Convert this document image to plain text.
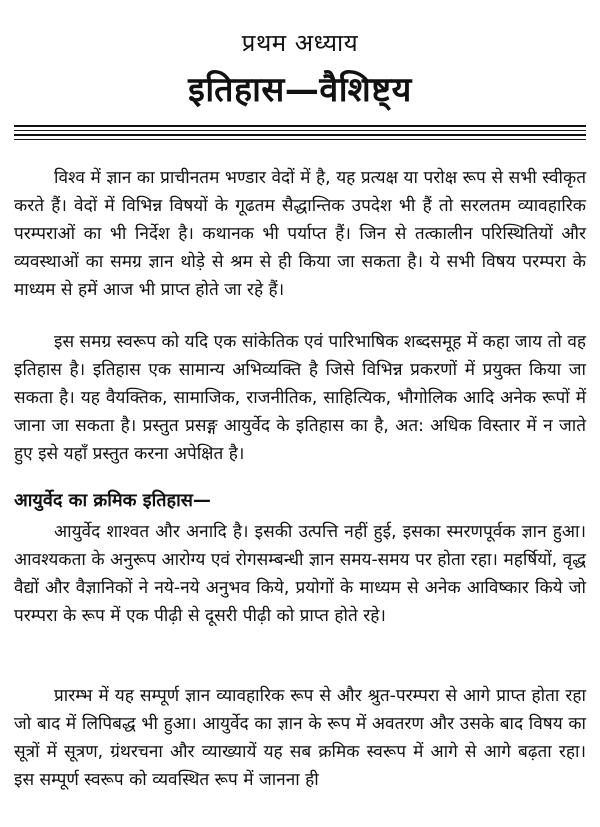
प्रथम अध्याय
इतिहास—वैशिष्ट्य

विश्व में ज्ञान का प्राचीनतम भण्डार वेदों में है, यह प्रत्यक्ष या परोक्ष रूप से सभी स्वीकृत करते हैं। वेदों में विभिन्न विषयों के गूढतम सैद्धान्तिक उपदेश भी हैं तो सरलतम व्यावहारिक परम्पराओं का भी निर्देश है। कथानक भी पर्याप्त हैं। जिन से तत्कालीन परिस्थितियों और व्यवस्थाओं का समग्र ज्ञान थोड़े से श्रम से ही किया जा सकता है। ये सभी विषय परम्परा के माध्यम से हमें आज भी प्राप्त होते जा रहे हैं।

इस समग्र स्वरूप को यदि एक सांकेतिक एवं पारिभाषिक शब्दसमूह में कहा जाय तो वह इतिहास है। इतिहास एक सामान्य अभिव्यक्ति है जिसे विभिन्न प्रकरणों में प्रयुक्त किया जा सकता है। यह वैयक्तिक, सामाजिक, राजनीतिक, साहित्यिक, भौगोलिक आदि अनेक रूपों में जाना जा सकता है। प्रस्तुत प्रसङ्ग आयुर्वेद के इतिहास का है, अत: अधिक विस्तार में न जाते हुए इसे यहाँ प्रस्तुत करना अपेक्षित है।

आयुर्वेद का क्रमिक इतिहास—

आयुर्वेद शाश्वत और अनादि है। इसकी उत्पत्ति नहीं हुई, इसका स्मरणपूर्वक ज्ञान हुआ। आवश्यकता के अनुरूप आरोग्य एवं रोगसम्बन्धी ज्ञान समय-समय पर होता रहा। महर्षियों, वृद्ध वैद्यों और वैज्ञानिकों ने नये-नये अनुभव किये, प्रयोगों के माध्यम से अनेक आविष्कार किये जो परम्परा के रूप में एक पीढ़ी से दूसरी पीढ़ी को प्राप्त होते रहे।

प्रारम्भ में यह सम्पूर्ण ज्ञान व्यावहारिक रूप से और श्रुत-परम्परा से आगे प्राप्त होता रहा जो बाद में लिपिबद्ध भी हुआ। आयुर्वेद का ज्ञान के रूप में अवतरण और उसके बाद विषय का सूत्रों में सूत्रण, ग्रंथरचना और व्याख्यायें यह सब क्रमिक स्वरूप में आगे से आगे बढ़ता रहा। इस सम्पूर्ण स्वरूप को व्यवस्थित रूप में जानना ही
